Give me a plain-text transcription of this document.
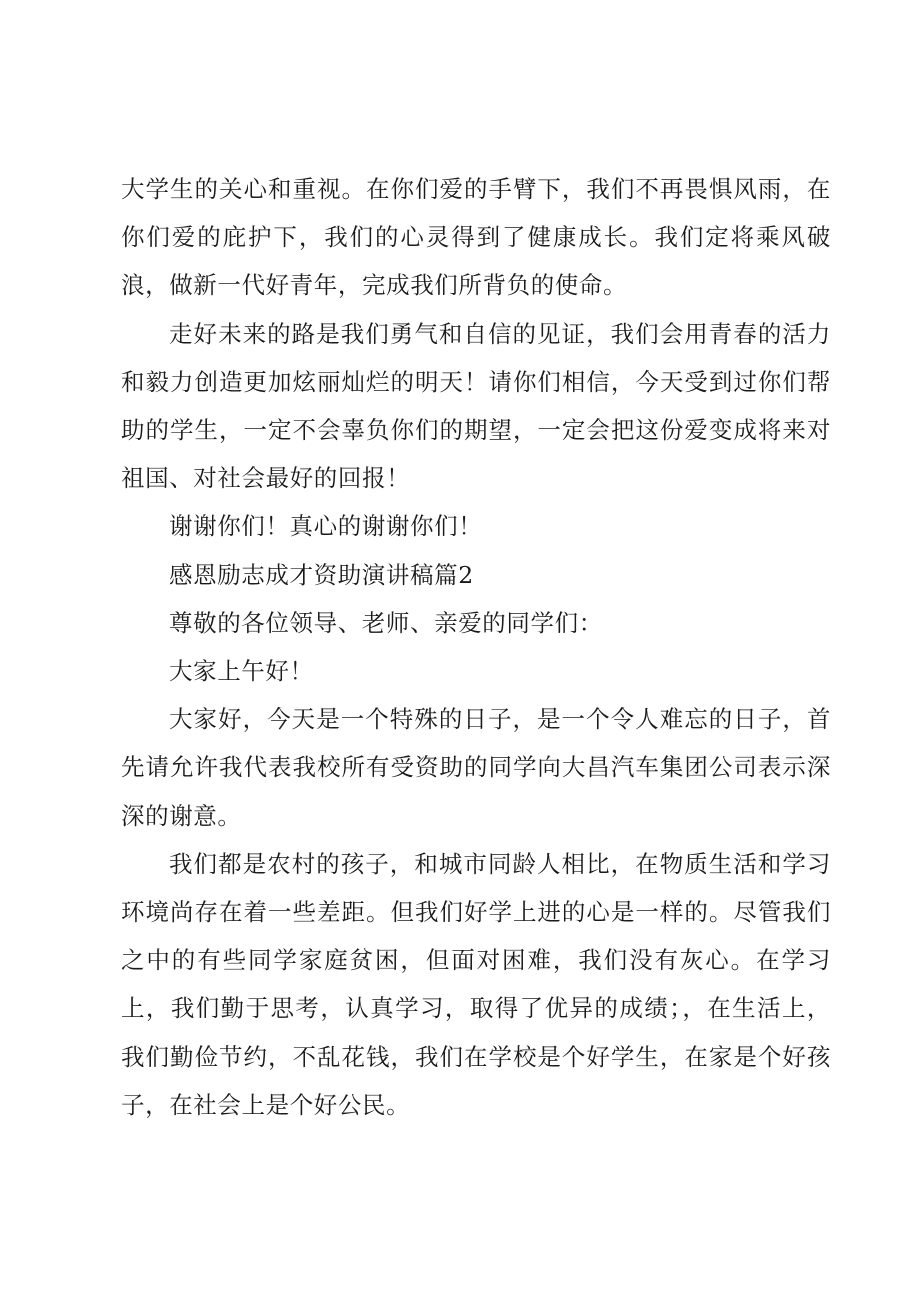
大学生的关心和重视。在你们爱的手臂下，我们不再畏惧风雨，在你们爱的庇护下，我们的心灵得到了健康成长。我们定将乘风破浪，做新一代好青年，完成我们所背负的使命。

走好未来的路是我们勇气和自信的见证，我们会用青春的活力和毅力创造更加炫丽灿烂的明天！请你们相信，今天受到过你们帮助的学生，一定不会辜负你们的期望，一定会把这份爱变成将来对祖国、对社会最好的回报！

谢谢你们！真心的谢谢你们！

感恩励志成才资助演讲稿篇2

尊敬的各位领导、老师、亲爱的同学们：

大家上午好！

大家好，今天是一个特殊的日子，是一个令人难忘的日子，首先请允许我代表我校所有受资助的同学向大昌汽车集团公司表示深深的谢意。

我们都是农村的孩子，和城市同龄人相比，在物质生活和学习环境尚存在着一些差距。但我们好学上进的心是一样的。尽管我们之中的有些同学家庭贫困，但面对困难，我们没有灰心。在学习上，我们勤于思考，认真学习，取得了优异的成绩；，在生活上，我们勤俭节约，不乱花钱，我们在学校是个好学生，在家是个好孩子，在社会上是个好公民。
